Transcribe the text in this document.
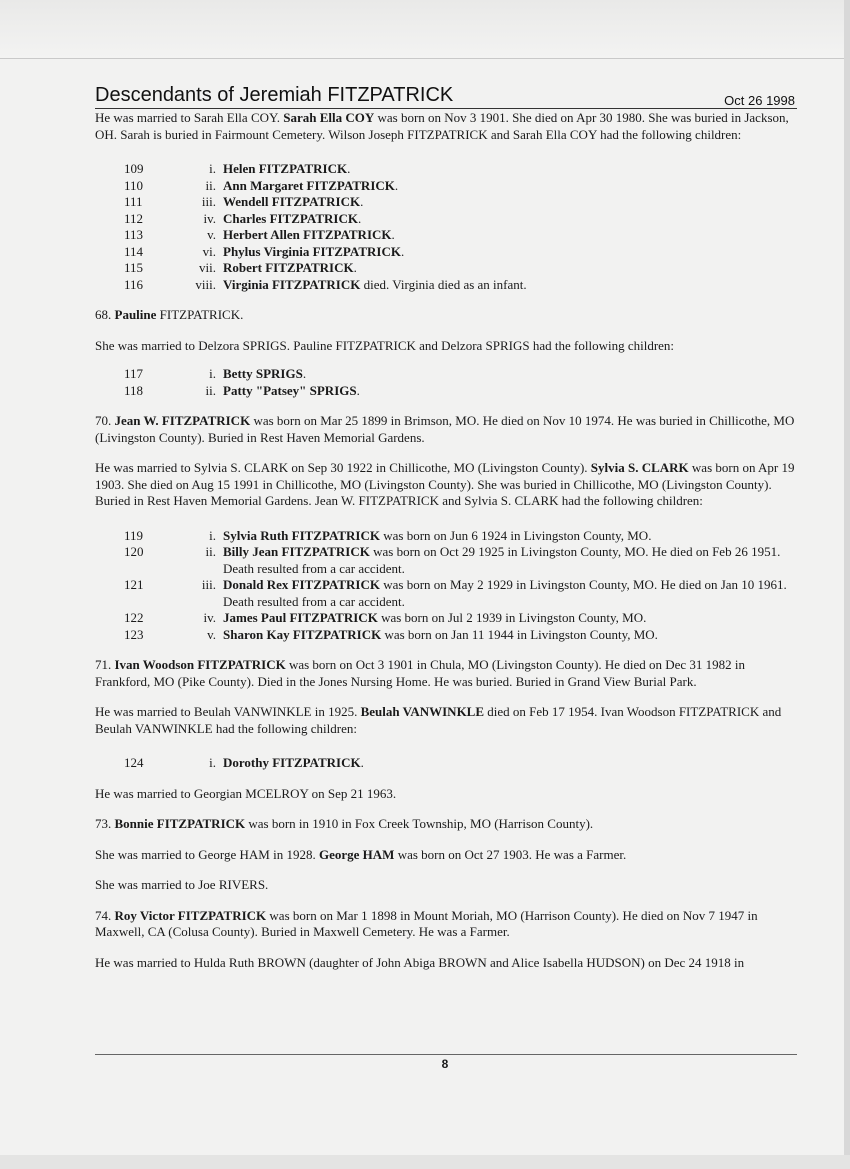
Descendants of Jeremiah FITZPATRICK	Oct 26 1998

He was married to Sarah Ella COY. Sarah Ella COY was born on Nov 3 1901. She died on Apr 30 1980. She was buried in Jackson, OH. Sarah is buried in Fairmount Cemetery. Wilson Joseph FITZPATRICK and Sarah Ella COY had the following children:

109	i. Helen FITZPATRICK.
110	ii. Ann Margaret FITZPATRICK.
111	iii. Wendell FITZPATRICK.
112	iv. Charles FITZPATRICK.
113	v. Herbert Allen FITZPATRICK.
114	vi. Phylus Virginia FITZPATRICK.
115	vii. Robert FITZPATRICK.
116	viii. Virginia FITZPATRICK died. Virginia died as an infant.

68. Pauline FITZPATRICK.

She was married to Delzora SPRIGS. Pauline FITZPATRICK and Delzora SPRIGS had the following children:

117	i. Betty SPRIGS.
118	ii. Patty "Patsey" SPRIGS.

70. Jean W. FITZPATRICK was born on Mar 25 1899 in Brimson, MO. He died on Nov 10 1974. He was buried in Chillicothe, MO (Livingston County). Buried in Rest Haven Memorial Gardens.

He was married to Sylvia S. CLARK on Sep 30 1922 in Chillicothe, MO (Livingston County). Sylvia S. CLARK was born on Apr 19 1903. She died on Aug 15 1991 in Chillicothe, MO (Livingston County). She was buried in Chillicothe, MO (Livingston County). Buried in Rest Haven Memorial Gardens. Jean W. FITZPATRICK and Sylvia S. CLARK had the following children:

119	i. Sylvia Ruth FITZPATRICK was born on Jun 6 1924 in Livingston County, MO.
120	ii. Billy Jean FITZPATRICK was born on Oct 29 1925 in Livingston County, MO. He died on Feb 26 1951. Death resulted from a car accident.
121	iii. Donald Rex FITZPATRICK was born on May 2 1929 in Livingston County, MO. He died on Jan 10 1961. Death resulted from a car accident.
122	iv. James Paul FITZPATRICK was born on Jul 2 1939 in Livingston County, MO.
123	v. Sharon Kay FITZPATRICK was born on Jan 11 1944 in Livingston County, MO.

71. Ivan Woodson FITZPATRICK was born on Oct 3 1901 in Chula, MO (Livingston County). He died on Dec 31 1982 in Frankford, MO (Pike County). Died in the Jones Nursing Home. He was buried. Buried in Grand View Burial Park.

He was married to Beulah VANWINKLE in 1925. Beulah VANWINKLE died on Feb 17 1954. Ivan Woodson FITZPATRICK and Beulah VANWINKLE had the following children:

124	i. Dorothy FITZPATRICK.

He was married to Georgian MCELROY on Sep 21 1963.

73. Bonnie FITZPATRICK was born in 1910 in Fox Creek Township, MO (Harrison County).

She was married to George HAM in 1928. George HAM was born on Oct 27 1903. He was a Farmer.

She was married to Joe RIVERS.

74. Roy Victor FITZPATRICK was born on Mar 1 1898 in Mount Moriah, MO (Harrison County). He died on Nov 7 1947 in Maxwell, CA (Colusa County). Buried in Maxwell Cemetery. He was a Farmer.

He was married to Hulda Ruth BROWN (daughter of John Abiga BROWN and Alice Isabella HUDSON) on Dec 24 1918 in

8
